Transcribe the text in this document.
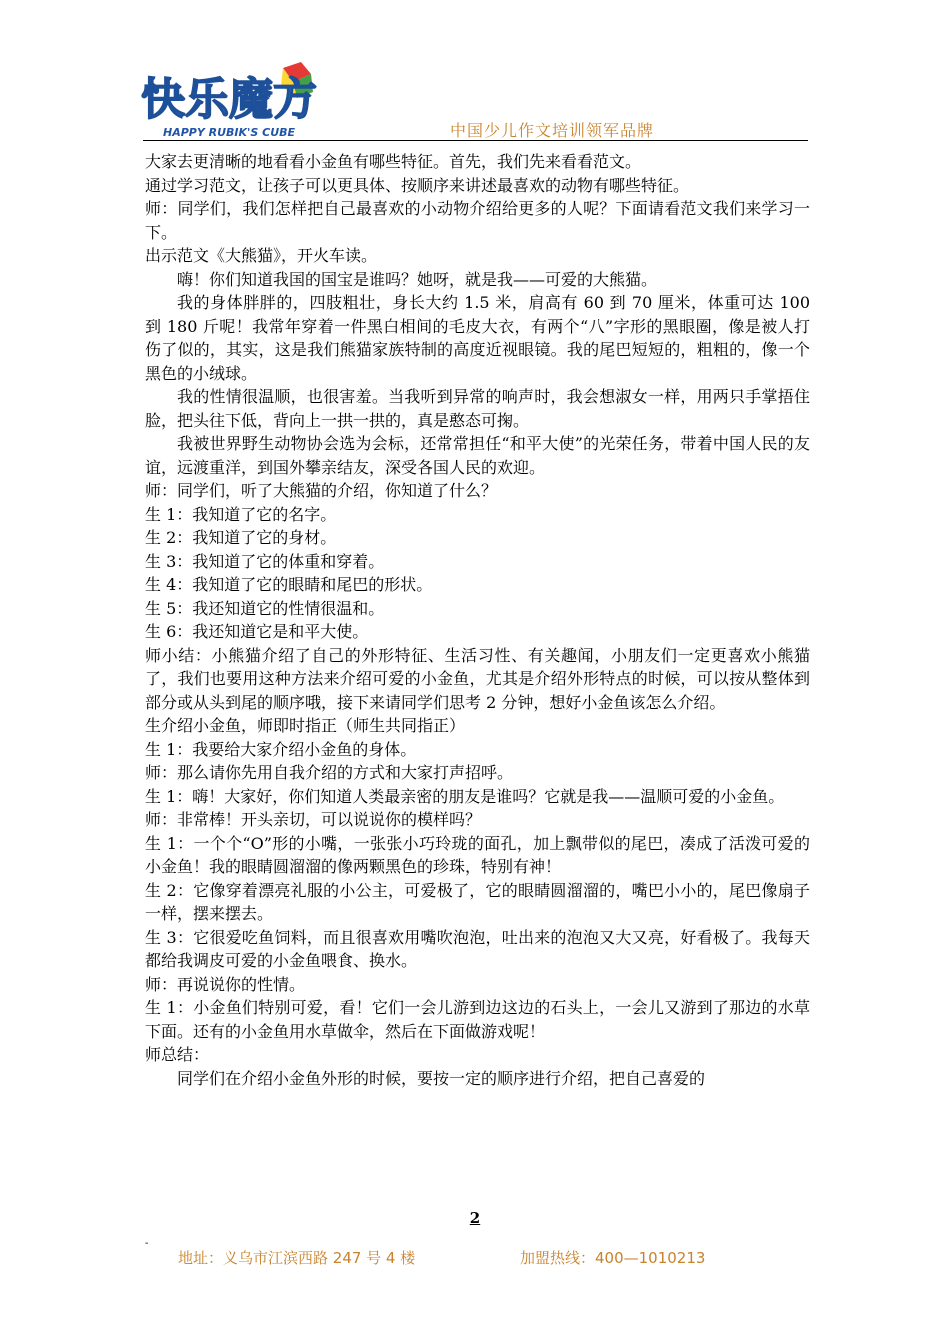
快乐魔方
HAPPY RUBIK'S CUBE	中国少儿作文培训领军品牌

大家去更清晰的地看看小金鱼有哪些特征。首先，我们先来看看范文。

通过学习范文，让孩子可以更具体、按顺序来讲述最喜欢的动物有哪些特征。

师：同学们，我们怎样把自己最喜欢的小动物介绍给更多的人呢？下面请看范文我们来学习一下。

出示范文《大熊猫》，开火车读。

嗨！你们知道我国的国宝是谁吗？她呀，就是我——可爱的大熊猫。

我的身体胖胖的，四肢粗壮，身长大约 1.5 米，肩高有 60 到 70 厘米，体重可达 100 到 180 斤呢！我常年穿着一件黑白相间的毛皮大衣，有两个“八”字形的黑眼圈，像是被人打伤了似的，其实，这是我们熊猫家族特制的高度近视眼镜。我的尾巴短短的，粗粗的，像一个黑色的小绒球。

我的性情很温顺，也很害羞。当我听到异常的响声时，我会想淑女一样，用两只手掌捂住脸，把头往下低，背向上一拱一拱的，真是憨态可掬。

我被世界野生动物协会选为会标，还常常担任“和平大使”的光荣任务，带着中国人民的友谊，远渡重洋，到国外攀亲结友，深受各国人民的欢迎。

师：同学们，听了大熊猫的介绍，你知道了什么？

生 1：我知道了它的名字。

生 2：我知道了它的身材。

生 3：我知道了它的体重和穿着。

生 4：我知道了它的眼睛和尾巴的形状。

生 5：我还知道它的性情很温和。

生 6：我还知道它是和平大使。

师小结：小熊猫介绍了自己的外形特征、生活习性、有关趣闻，小朋友们一定更喜欢小熊猫了，我们也要用这种方法来介绍可爱的小金鱼，尤其是介绍外形特点的时候，可以按从整体到部分或从头到尾的顺序哦，接下来请同学们思考 2 分钟，想好小金鱼该怎么介绍。

生介绍小金鱼，师即时指正（师生共同指正）

生 1：我要给大家介绍小金鱼的身体。

师：那么请你先用自我介绍的方式和大家打声招呼。

生 1：嗨！大家好，你们知道人类最亲密的朋友是谁吗？它就是我——温顺可爱的小金鱼。

师：非常棒！开头亲切，可以说说你的模样吗？

生 1：一个个“O”形的小嘴，一张张小巧玲珑的面孔，加上飘带似的尾巴，凑成了活泼可爱的小金鱼！我的眼睛圆溜溜的像两颗黑色的珍珠，特别有神！

生 2：它像穿着漂亮礼服的小公主，可爱极了，它的眼睛圆溜溜的，嘴巴小小的，尾巴像扇子一样，摆来摆去。

生 3：它很爱吃鱼饲料，而且很喜欢用嘴吹泡泡，吐出来的泡泡又大又亮，好看极了。我每天都给我调皮可爱的小金鱼喂食、换水。

师：再说说你的性情。

生 1：小金鱼们特别可爱，看！它们一会儿游到边这边的石头上，一会儿又游到了那边的水草下面。还有的小金鱼用水草做伞，然后在下面做游戏呢！

师总结：

同学们在介绍小金鱼外形的时候，要按一定的顺序进行介绍，把自己喜爱的

2
-
地址：义乌市江滨西路 247 号 4 楼	加盟热线：400—1010213
